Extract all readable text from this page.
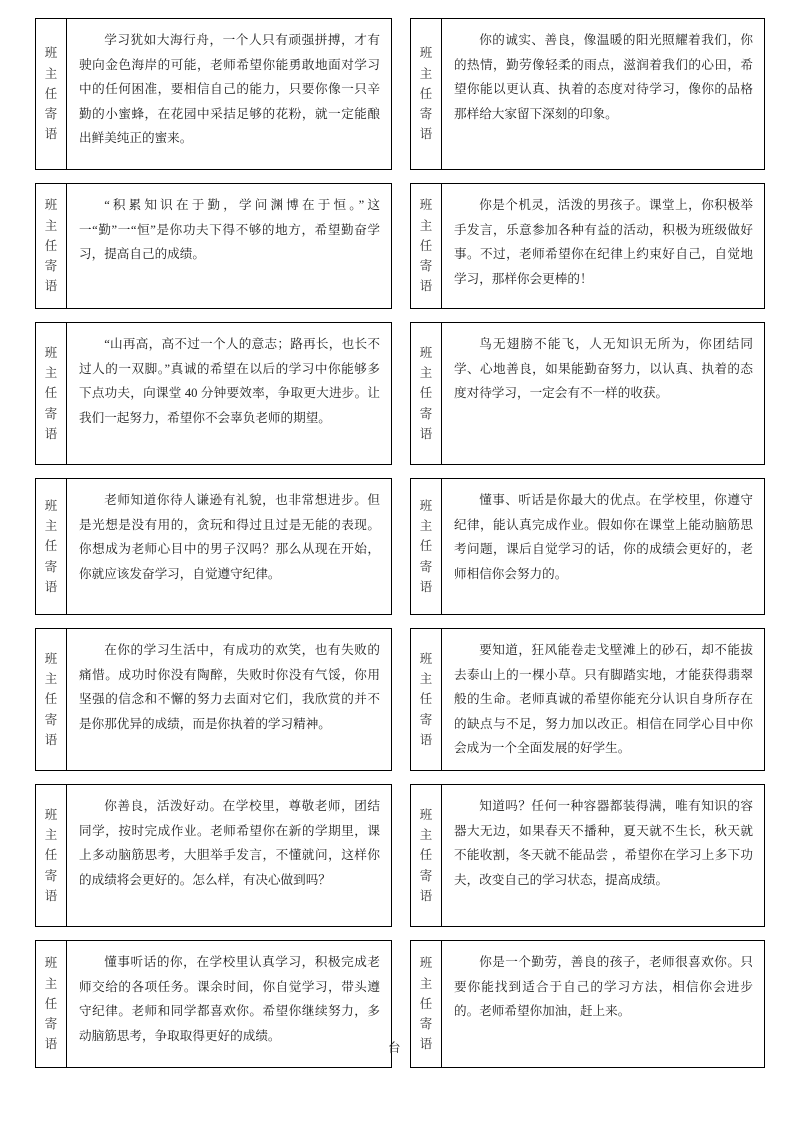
班
主
任
寄
语

学习犹如大海行舟，一个人只有顽强拼搏，才有驶向金色海岸的可能，老师希望你能勇敢地面对学习中的任何困准，要相信自己的能力，只要你像一只辛勤的小蜜蜂，在花园中采拮足够的花粉，就一定能酿出鲜美纯正的蜜来。

班
主
任
寄
语

你的诚实、善良，像温暖的阳光照耀着我们，你的热情，勤劳像轻柔的雨点，滋润着我们的心田，希望你能以更认真、执着的态度对待学习，像你的品格那样给大家留下深刻的印象。

班
主
任
寄
语

“积累知识在于勤，学问渊博在于恒。”这一“勤”一“恒”是你功夫下得不够的地方，希望勤奋学习，提高自己的成绩。

班
主
任
寄
语

你是个机灵，活泼的男孩子。课堂上，你积极举手发言，乐意参加各种有益的活动，积极为班级做好事。不过，老师希望你在纪律上约束好自己，自觉地学习，那样你会更棒的！

班
主
任
寄
语

“山再高，高不过一个人的意志；路再长，也长不过人的一双脚。”真诚的希望在以后的学习中你能够多下点功夫，向课堂 40 分钟要效率，争取更大进步。让我们一起努力，希望你不会辜负老师的期望。

班
主
任
寄
语

鸟无翅膀不能飞，人无知识无所为，你团结同学、心地善良，如果能勤奋努力，以认真、执着的态度对待学习，一定会有不一样的收获。

班
主
任
寄
语

老师知道你待人谦逊有礼貌，也非常想进步。但是光想是没有用的，贪玩和得过且过是无能的表现。你想成为老师心目中的男子汉吗？那么从现在开始，你就应该发奋学习，自觉遵守纪律。

班
主
任
寄
语

懂事、听话是你最大的优点。在学校里，你遵守纪律，能认真完成作业。假如你在课堂上能动脑筋思考问题，课后自觉学习的话，你的成绩会更好的，老师相信你会努力的。

班
主
任
寄
语

在你的学习生活中，有成功的欢笑，也有失败的痛惜。成功时你没有陶醉，失败时你没有气馁，你用坚强的信念和不懈的努力去面对它们，我欣赏的并不是你那优异的成绩，而是你执着的学习精神。

班
主
任
寄
语

要知道，狂风能卷走戈壁滩上的砂石，却不能拔去泰山上的一棵小草。只有脚踏实地，才能获得翡翠般的生命。老师真诚的希望你能充分认识自身所存在的缺点与不足，努力加以改正。相信在同学心目中你会成为一个全面发展的好学生。

班
主
任
寄
语

你善良，活泼好动。在学校里，尊敬老师，团结同学，按时完成作业。老师希望你在新的学期里，课上多动脑筋思考，大胆举手发言，不懂就问，这样你的成绩将会更好的。怎么样，有决心做到吗？

班
主
任
寄
语

知道吗？任何一种容器都装得满，唯有知识的容器大无边，如果春天不播种，夏天就不生长，秋天就不能收割，冬天就不能品尝 ，希望你在学习上多下功夫，改变自己的学习状态，提高成绩。

班
主
任
寄
语

懂事听话的你，在学校里认真学习，积极完成老师交给的各项任务。课余时间，你自觉学习，带头遵守纪律。老师和同学都喜欢你。希望你继续努力，多动脑筋思考，争取取得更好的成绩。

班
主
任
寄
语

你是一个勤劳，善良的孩子，老师很喜欢你。只要你能找到适合于自己的学习方法，相信你会进步的。老师希望你加油，赶上来。

台
